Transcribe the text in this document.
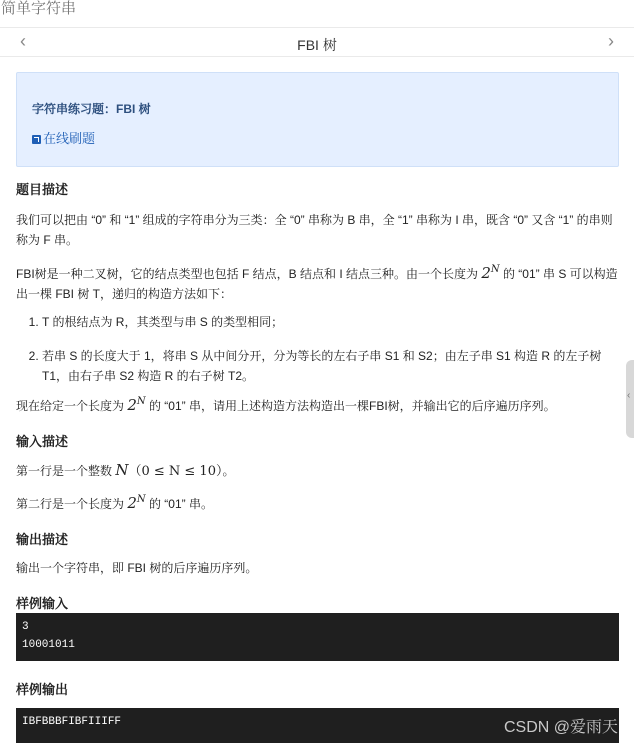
简单字符串
‹	FBI 树	›
字符串练习题：FBI 树
在线刷题
题目描述
我们可以把由 “0” 和 “1” 组成的字符串分为三类：全 “0” 串称为 B 串，全 “1” 串称为 I 串，既含 “0” 又含 “1” 的串则
称为 F 串。
FBI树是一种二叉树，它的结点类型也包括 F 结点，B 结点和 I 结点三种。由一个长度为 $2^N$ 的 “01” 串 S 可以构造
出一棵 FBI 树 T，递归的构造方法如下：
1. T 的根结点为 R，其类型与串 S 的类型相同；
2. 若串 S 的长度大于 1，将串 S 从中间分开，分为等长的左右子串 S1 和 S2；由左子串 S1 构造 R 的左子树 T1，由右子串 S2 构造 R 的右子树 T2。
现在给定一个长度为 $2^N$ 的 “01” 串，请用上述构造方法构造出一棵FBI树，并输出它的后序遍历序列。
输入描述
第一行是一个整数 N（0 ≤ N ≤ 10）。
第二行是一个长度为 $2^N$ 的 “01” 串。
输出描述
输出一个字符串，即 FBI 树的后序遍历序列。
样例输入
3
10001011
样例输出
IBFBBBFIBFIIIFF	CSDN @爱雨天
‹
